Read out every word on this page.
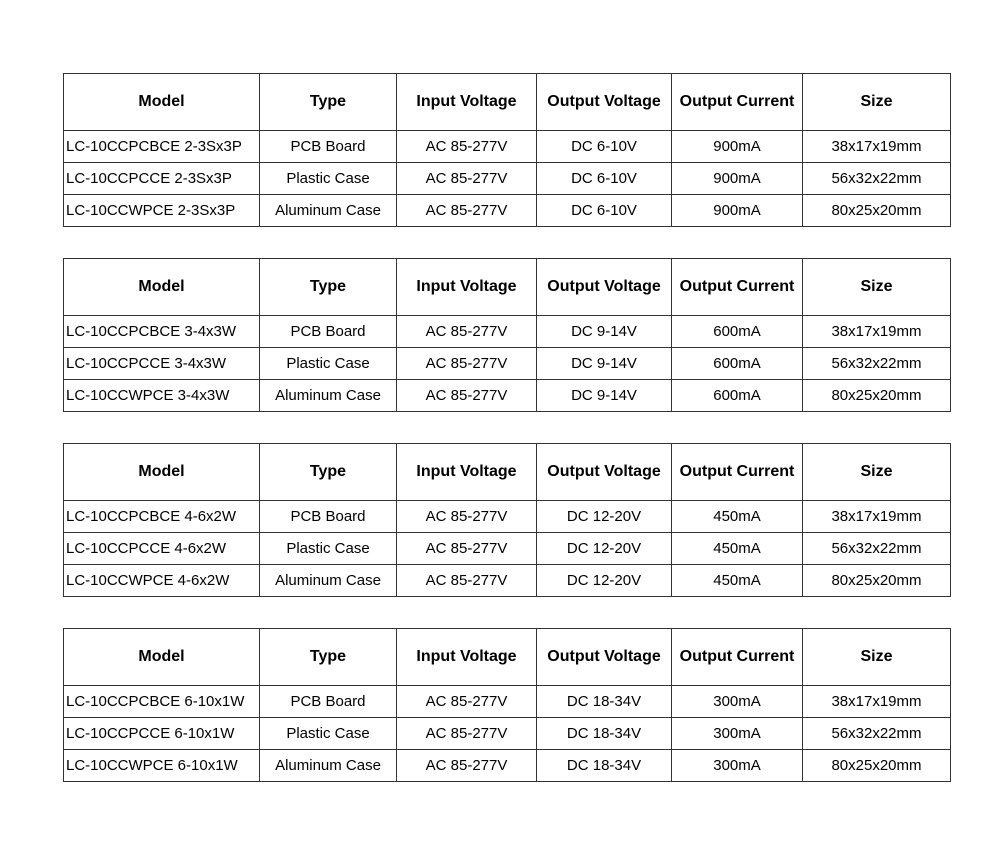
Model	Type	Input Voltage	Output Voltage	Output Current	Size
LC-10CCPCBCE 2-3Sx3P	PCB Board	AC 85-277V	DC 6-10V	900mA	38x17x19mm
LC-10CCPCCE 2-3Sx3P	Plastic Case	AC 85-277V	DC 6-10V	900mA	56x32x22mm
LC-10CCWPCE 2-3Sx3P	Aluminum Case	AC 85-277V	DC 6-10V	900mA	80x25x20mm
Model	Type	Input Voltage	Output Voltage	Output Current	Size
LC-10CCPCBCE 3-4x3W	PCB Board	AC 85-277V	DC 9-14V	600mA	38x17x19mm
LC-10CCPCCE 3-4x3W	Plastic Case	AC 85-277V	DC 9-14V	600mA	56x32x22mm
LC-10CCWPCE 3-4x3W	Aluminum Case	AC 85-277V	DC 9-14V	600mA	80x25x20mm
Model	Type	Input Voltage	Output Voltage	Output Current	Size
LC-10CCPCBCE 4-6x2W	PCB Board	AC 85-277V	DC 12-20V	450mA	38x17x19mm
LC-10CCPCCE 4-6x2W	Plastic Case	AC 85-277V	DC 12-20V	450mA	56x32x22mm
LC-10CCWPCE 4-6x2W	Aluminum Case	AC 85-277V	DC 12-20V	450mA	80x25x20mm
Model	Type	Input Voltage	Output Voltage	Output Current	Size
LC-10CCPCBCE 6-10x1W	PCB Board	AC 85-277V	DC 18-34V	300mA	38x17x19mm
LC-10CCPCCE 6-10x1W	Plastic Case	AC 85-277V	DC 18-34V	300mA	56x32x22mm
LC-10CCWPCE 6-10x1W	Aluminum Case	AC 85-277V	DC 18-34V	300mA	80x25x20mm
